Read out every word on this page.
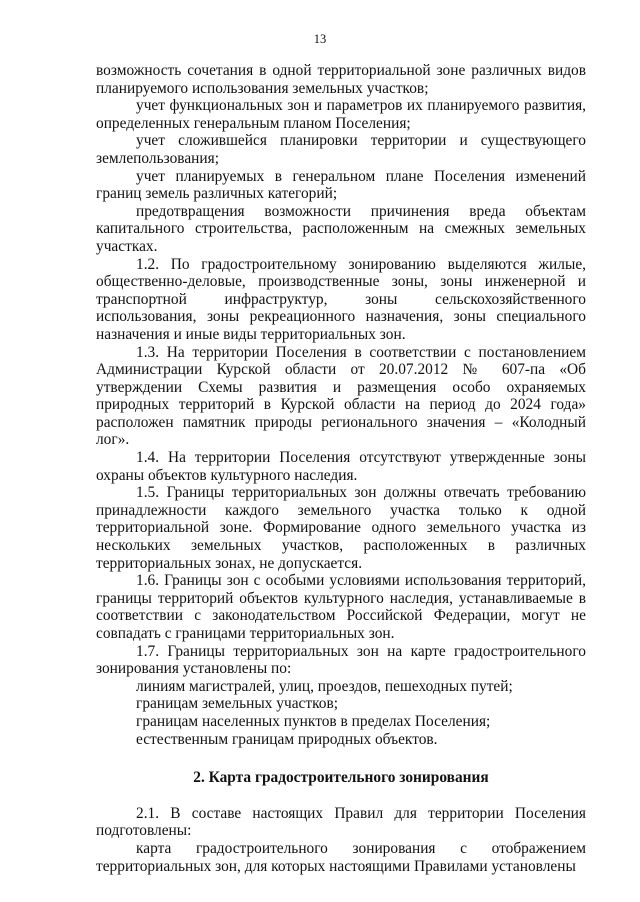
13

возможность сочетания в одной территориальной зоне различных видов планируемого использования земельных участков;

учет функциональных зон и параметров их планируемого развития, определенных генеральным планом Поселения;

учет сложившейся планировки территории и существующего землепользования;

учет планируемых в генеральном плане Поселения изменений границ земель различных категорий;

предотвращения возможности причинения вреда объектам капитального строительства, расположенным на смежных земельных участках.

1.2. По градостроительному зонированию выделяются жилые, общественно-деловые, производственные зоны, зоны инженерной и транспортной инфраструктур, зоны сельскохозяйственного использования, зоны рекреационного назначения, зоны специального назначения и иные виды территориальных зон.

1.3. На территории Поселения в соответствии с постановлением Администрации Курской области от 20.07.2012 № 607-па «Об утверждении Схемы развития и размещения особо охраняемых природных территорий в Курской области на период до 2024 года» расположен памятник природы регионального значения – «Колодный лог».

1.4. На территории Поселения отсутствуют утвержденные зоны охраны объектов культурного наследия.

1.5. Границы территориальных зон должны отвечать требованию принадлежности каждого земельного участка только к одной территориальной зоне. Формирование одного земельного участка из нескольких земельных участков, расположенных в различных территориальных зонах, не допускается.

1.6. Границы зон с особыми условиями использования территорий, границы территорий объектов культурного наследия, устанавливаемые в соответствии с законодательством Российской Федерации, могут не совпадать с границами территориальных зон.

1.7. Границы территориальных зон на карте градостроительного зонирования установлены по:

линиям магистралей, улиц, проездов, пешеходных путей;

границам земельных участков;

границам населенных пунктов в пределах Поселения;

естественным границам природных объектов.

2. Карта градостроительного зонирования

2.1. В составе настоящих Правил для территории Поселения подготовлены:

карта градостроительного зонирования с отображением территориальных зон, для которых настоящими Правилами установлены
